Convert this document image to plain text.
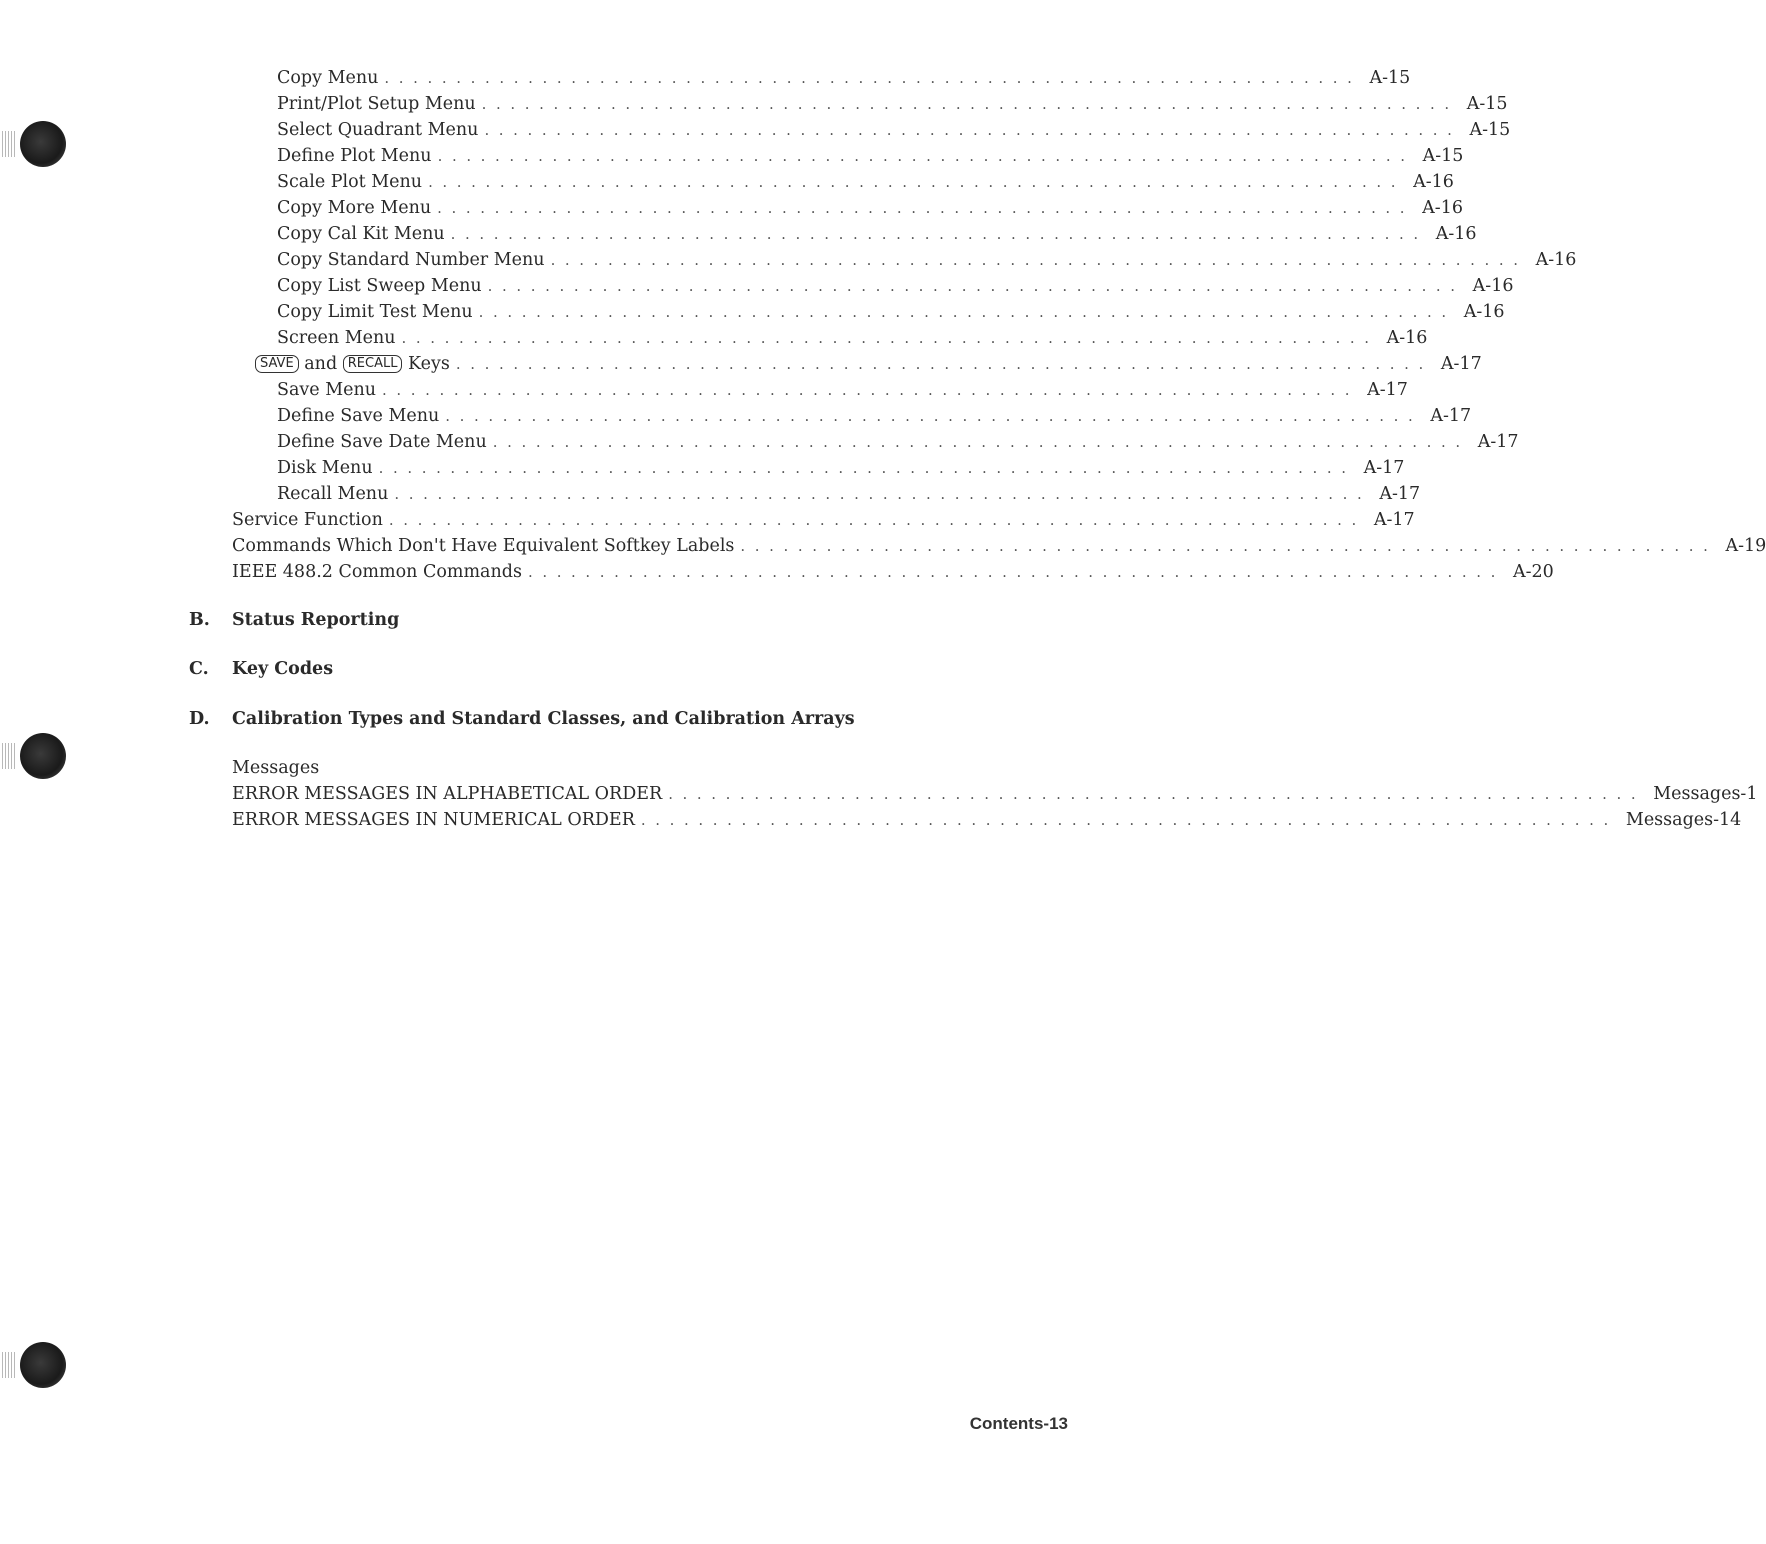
Copy Menu .................................................................... A-15
Print/Plot Setup Menu .................................................................... A-15
Select Quadrant Menu .................................................................... A-15
Define Plot Menu .................................................................... A-15
Scale Plot Menu .................................................................... A-16
Copy More Menu .................................................................... A-16
Copy Cal Kit Menu .................................................................... A-16
Copy Standard Number Menu .................................................................... A-16
Copy List Sweep Menu .................................................................... A-16
Copy Limit Test Menu .................................................................... A-16
Screen Menu .................................................................... A-16
SAVE and RECALL Keys .................................................................... A-17
Save Menu .................................................................... A-17
Define Save Menu .................................................................... A-17
Define Save Date Menu .................................................................... A-17
Disk Menu .................................................................... A-17
Recall Menu .................................................................... A-17
Service Function .................................................................... A-17
Commands Which Don't Have Equivalent Softkey Labels .................................................................... A-19
IEEE 488.2 Common Commands .................................................................... A-20
B. Status Reporting
C. Key Codes
D. Calibration Types and Standard Classes, and Calibration Arrays
Messages
ERROR MESSAGES IN ALPHABETICAL ORDER .................................................................... Messages-1
ERROR MESSAGES IN NUMERICAL ORDER .................................................................... Messages-14
Contents-13
